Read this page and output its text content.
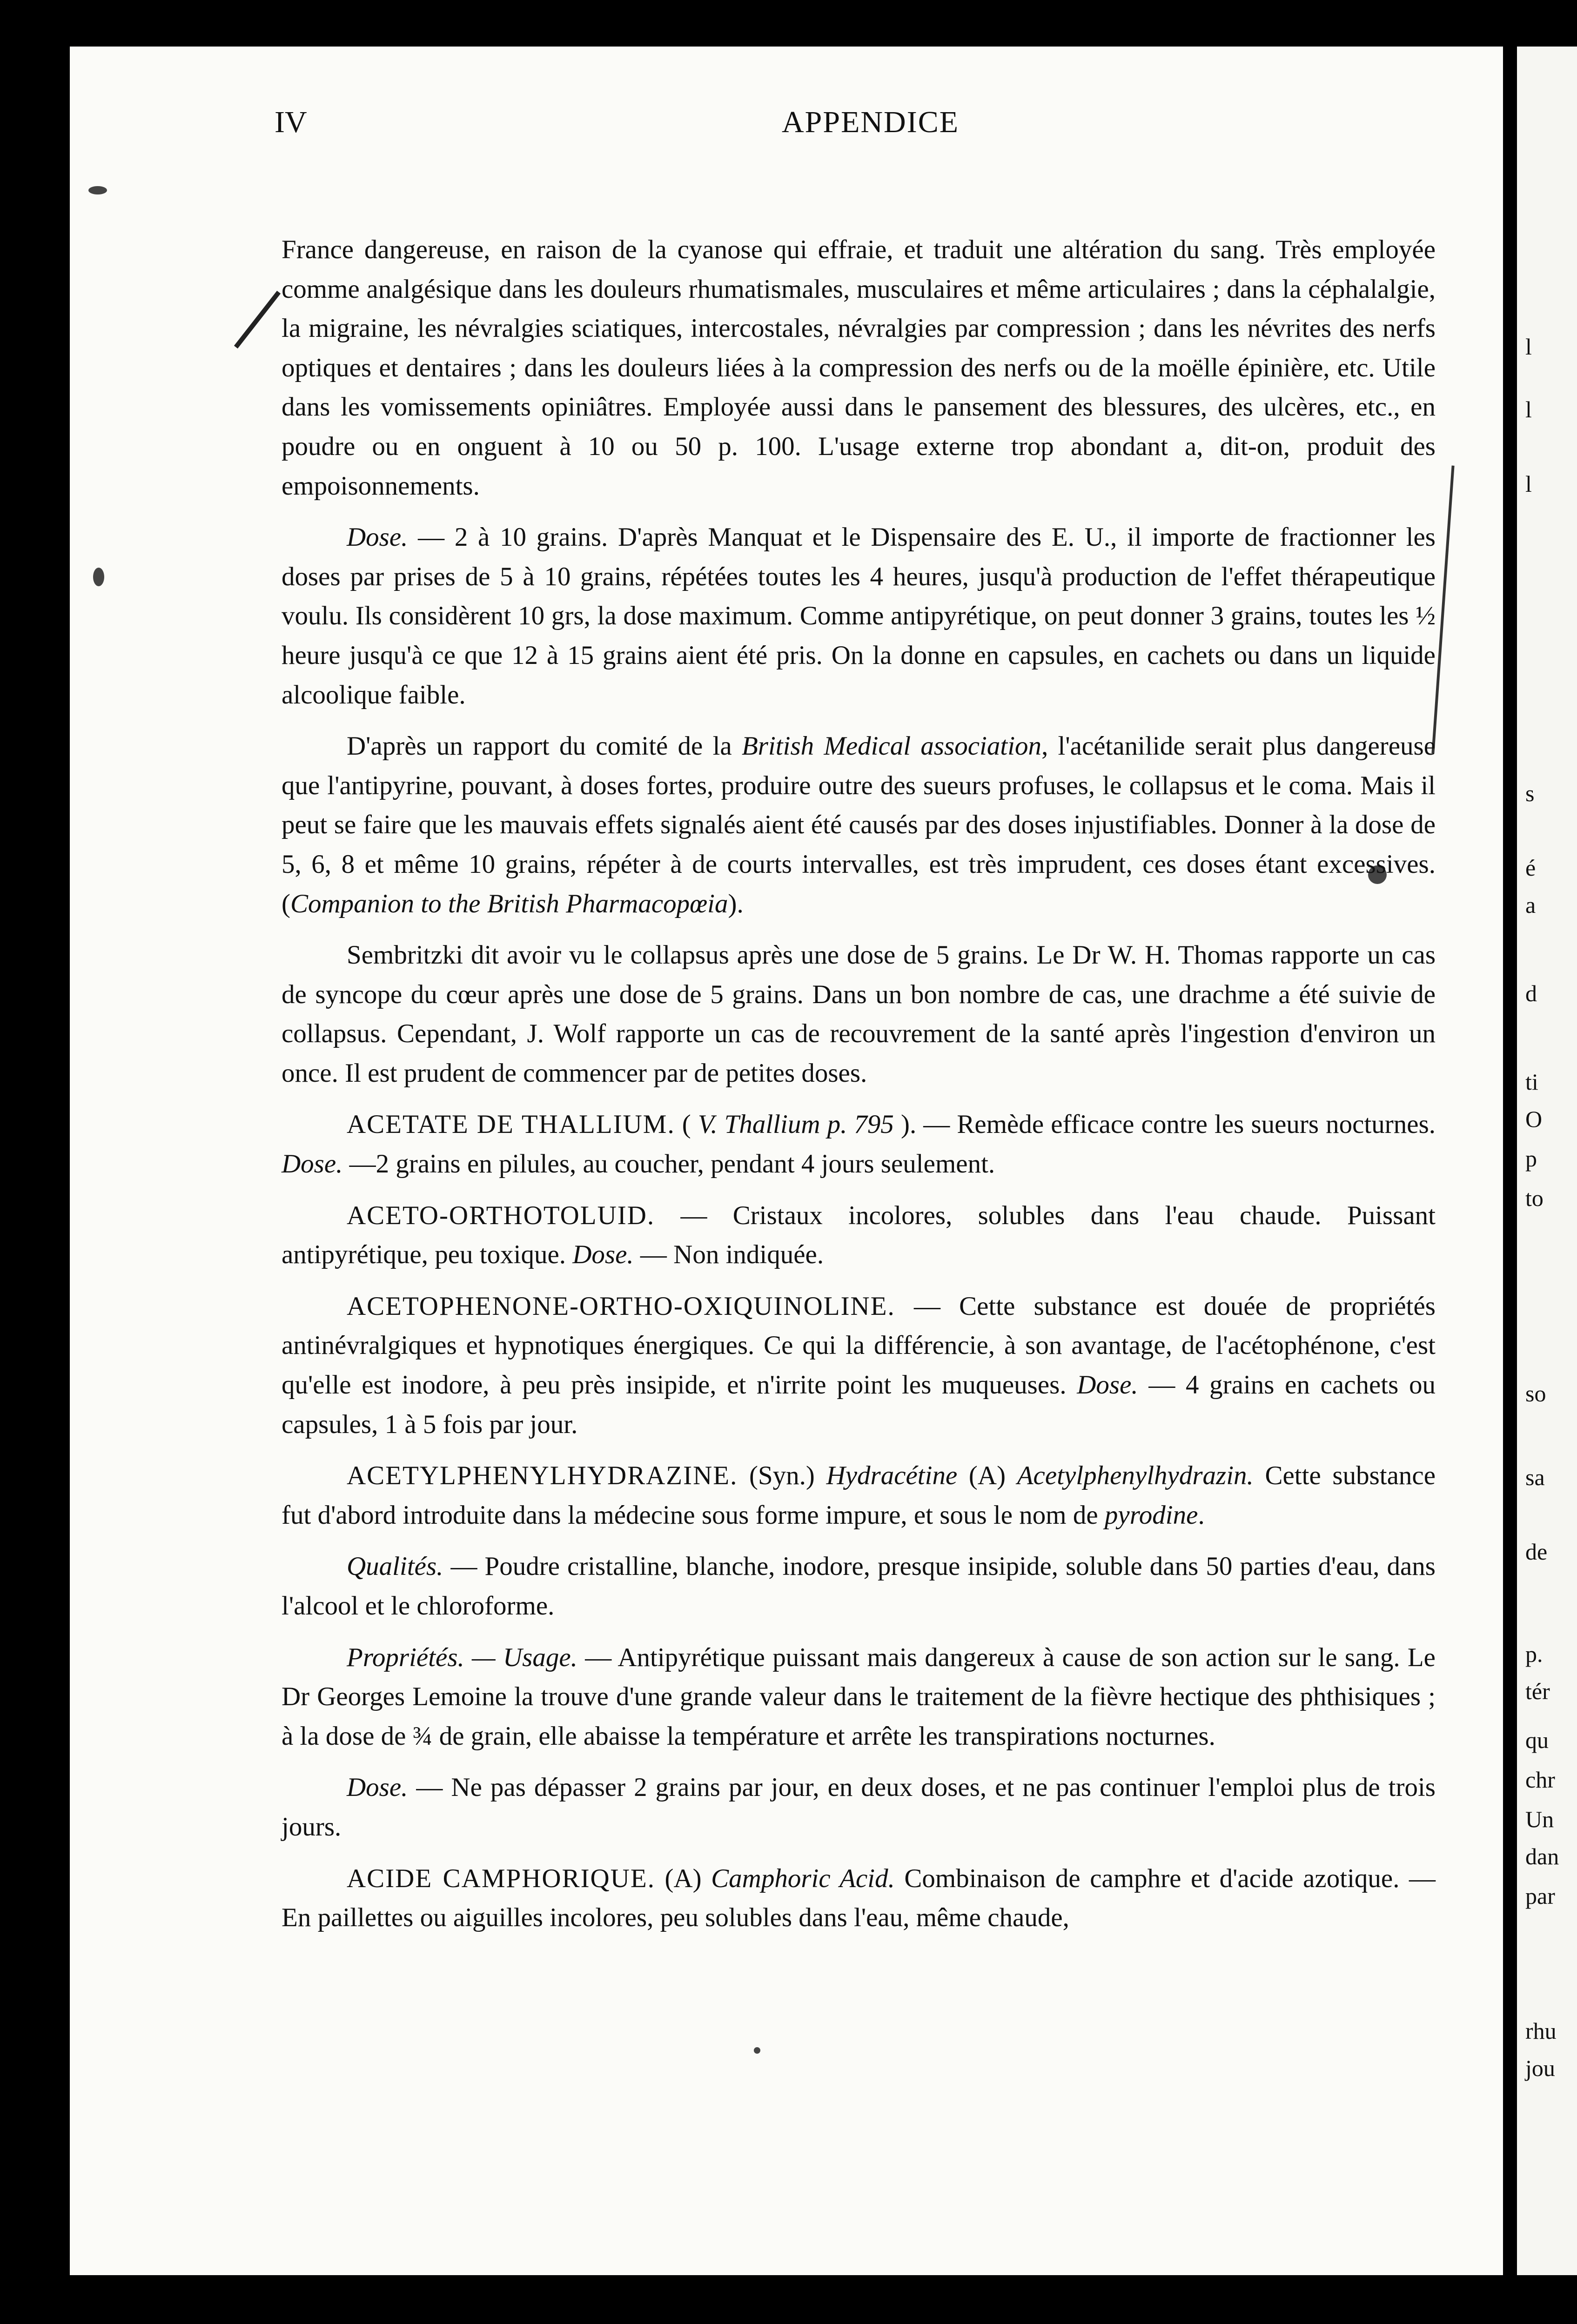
l
l
l
s
é
a
d
ti
O
p
to
so
sa
de
p.
tér
qu
chr
Un
dan
par
rhu
jou
IV	APPENDICE

France dangereuse, en raison de la cyanose qui effraie, et traduit une altération du sang. Très employée comme analgésique dans les douleurs rhumatismales, musculaires et même articulaires ; dans la céphalalgie, la migraine, les névralgies sciatiques, intercostales, névralgies par compression ; dans les névrites des nerfs optiques et dentaires ; dans les douleurs liées à la compression des nerfs ou de la moëlle épinière, etc. Utile dans les vomissements opiniâtres. Employée aussi dans le pansement des blessures, des ulcères, etc., en poudre ou en onguent à 10 ou 50 p. 100. L'usage externe trop abondant a, dit-on, produit des empoisonnements.

Dose. — 2 à 10 grains. D'après Manquat et le Dispensaire des E. U., il importe de fractionner les doses par prises de 5 à 10 grains, répétées toutes les 4 heures, jusqu'à production de l'effet thérapeutique voulu. Ils considèrent 10 grs, la dose maximum. Comme antipyrétique, on peut donner 3 grains, toutes les ½ heure jusqu'à ce que 12 à 15 grains aient été pris. On la donne en capsules, en cachets ou dans un liquide alcoolique faible.

D'après un rapport du comité de la British Medical association, l'acétanilide serait plus dangereuse que l'antipyrine, pouvant, à doses fortes, produire outre des sueurs profuses, le collapsus et le coma. Mais il peut se faire que les mauvais effets signalés aient été causés par des doses injustifiables. Donner à la dose de 5, 6, 8 et même 10 grains, répéter à de courts intervalles, est très imprudent, ces doses étant excessives. (Companion to the British Pharmacopœia).

Sembritzki dit avoir vu le collapsus après une dose de 5 grains. Le Dr W. H. Thomas rapporte un cas de syncope du cœur après une dose de 5 grains. Dans un bon nombre de cas, une drachme a été suivie de collapsus. Cependant, J. Wolf rapporte un cas de recouvrement de la santé après l'ingestion d'environ un once. Il est prudent de commencer par de petites doses.

ACETATE DE THALLIUM. ( V. Thallium p. 795 ). — Remède efficace contre les sueurs nocturnes. Dose. —2 grains en pilules, au coucher, pendant 4 jours seulement.

ACETO-ORTHOTOLUID. — Cristaux incolores, solubles dans l'eau chaude. Puissant antipyrétique, peu toxique. Dose. — Non indiquée.

ACETOPHENONE-ORTHO-OXIQUINOLINE. — Cette substance est douée de propriétés antinévralgiques et hypnotiques énergiques. Ce qui la différencie, à son avantage, de l'acétophénone, c'est qu'elle est inodore, à peu près insipide, et n'irrite point les muqueuses. Dose. — 4 grains en cachets ou capsules, 1 à 5 fois par jour.

ACETYLPHENYLHYDRAZINE. (Syn.) Hydracétine (A) Acetylphenylhydrazin. Cette substance fut d'abord introduite dans la médecine sous forme impure, et sous le nom de pyrodine.

Qualités. — Poudre cristalline, blanche, inodore, presque insipide, soluble dans 50 parties d'eau, dans l'alcool et le chloroforme.

Propriétés. — Usage. — Antipyrétique puissant mais dangereux à cause de son action sur le sang. Le Dr Georges Lemoine la trouve d'une grande valeur dans le traitement de la fièvre hectique des phthisiques ; à la dose de ¾ de grain, elle abaisse la température et arrête les transpirations nocturnes.

Dose. — Ne pas dépasser 2 grains par jour, en deux doses, et ne pas continuer l'emploi plus de trois jours.

ACIDE CAMPHORIQUE. (A) Camphoric Acid. Combinaison de camphre et d'acide azotique. — En paillettes ou aiguilles incolores, peu solubles dans l'eau, même chaude,
